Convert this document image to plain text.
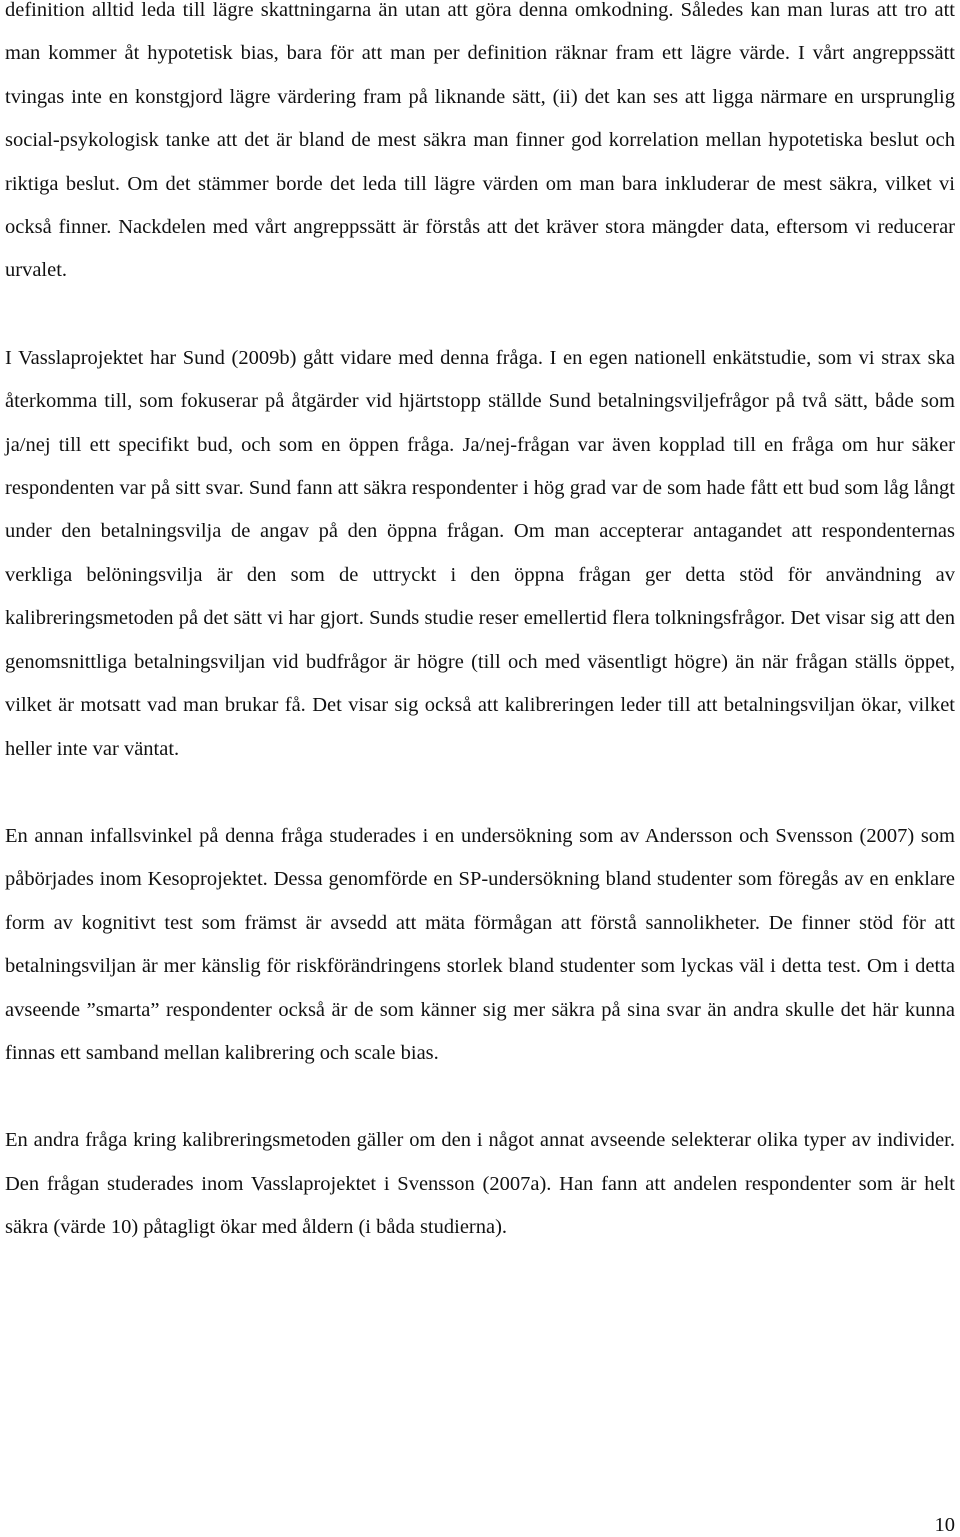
definition alltid leda till lägre skattningarna än utan att göra denna omkodning. Således kan man luras att tro att man kommer åt hypotetisk bias, bara för att man per definition räknar fram ett lägre värde. I vårt angreppssätt tvingas inte en konstgjord lägre värdering fram på liknande sätt, (ii) det kan ses att ligga närmare en ursprunglig social-psykologisk tanke att det är bland de mest säkra man finner god korrelation mellan hypotetiska beslut och riktiga beslut. Om det stämmer borde det leda till lägre värden om man bara inkluderar de mest säkra, vilket vi också finner. Nackdelen med vårt angreppssätt är förstås att det kräver stora mängder data, eftersom vi reducerar urvalet.

I Vasslaprojektet har Sund (2009b) gått vidare med denna fråga. I en egen nationell enkätstudie, som vi strax ska återkomma till, som fokuserar på åtgärder vid hjärtstopp ställde Sund betalningsviljefrågor på två sätt, både som ja/nej till ett specifikt bud, och som en öppen fråga. Ja/nej-frågan var även kopplad till en fråga om hur säker respondenten var på sitt svar. Sund fann att säkra respondenter i hög grad var de som hade fått ett bud som låg långt under den betalningsvilja de angav på den öppna frågan. Om man accepterar antagandet att respondenternas verkliga belöningsvilja är den som de uttryckt i den öppna frågan ger detta stöd för användning av kalibreringsmetoden på det sätt vi har gjort. Sunds studie reser emellertid flera tolkningsfrågor. Det visar sig att den genomsnittliga betalningsviljan vid budfrågor är högre (till och med väsentligt högre) än när frågan ställs öppet, vilket är motsatt vad man brukar få. Det visar sig också att kalibreringen leder till att betalningsviljan ökar, vilket heller inte var väntat.

En annan infallsvinkel på denna fråga studerades i en undersökning som av Andersson och Svensson (2007) som påbörjades inom Kesoprojektet. Dessa genomförde en SP-undersökning bland studenter som föregås av en enklare form av kognitivt test som främst är avsedd att mäta förmågan att förstå sannolikheter. De finner stöd för att betalningsviljan är mer känslig för riskförändringens storlek bland studenter som lyckas väl i detta test. Om i detta avseende ”smarta” respondenter också är de som känner sig mer säkra på sina svar än andra skulle det här kunna finnas ett samband mellan kalibrering och scale bias.

En andra fråga kring kalibreringsmetoden gäller om den i något annat avseende selekterar olika typer av individer. Den frågan studerades inom Vasslaprojektet i Svensson (2007a). Han fann att andelen respondenter som är helt säkra (värde 10) påtagligt ökar med åldern (i båda studierna).

10
